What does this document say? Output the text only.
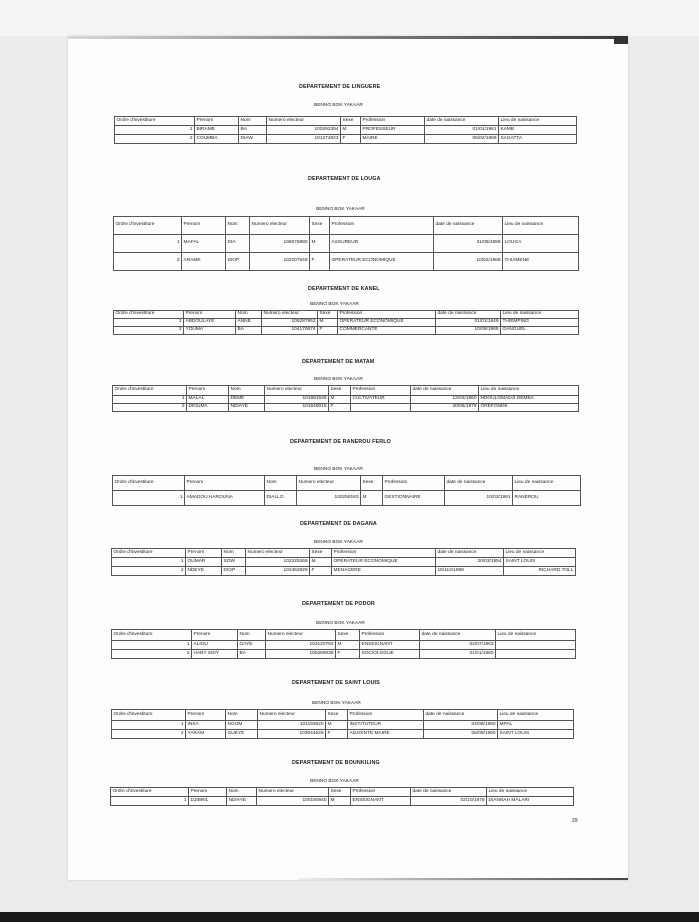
DEPARTEMENT DE LINGUERE
BENNO BOK YAKAAR
Ordre d'investiture	Prenom	Nom	Numero electeur	Sexe	Profession	date de naissance	Lieu de naissance
1	BIRAME	BA	100292394	M	PROFESSEUR	01/01/1981	KAMB
2	COUMBA	DIAW	101274823	F	MAIRE	05/02/1969	SAGATTA
DEPARTEMENT DE LOUGA
BENNO BOK YAKAAR
Ordre d'investiture	Prenom	Nom	Numero electeur	Sexe	Profession	date de naissance	Lieu de naissance
1	MAFAL	DIA	106576880	M	ASSUREUR	31/08/1958	LOUGA
2	ARAME	DIOP	102207549	F	OPERATEUR ECONOMIQUE	10/02/1968	THIAMENE
DEPARTEMENT DE KANEL
BENNO BOK YAKAAR
Ordre d'investiture	Prenom	Nom	Numero electeur	Sexe	Profession	date de naissance	Lieu de naissance
1	ABDOULAYE	ANNE	106287953	M	OPERATEUR ECONOMIQUE	01/01/1949	THIEMPING
2	YOUMA	BA	104170674	F	COMMERCANTE	10/08/1965	GANGUEL
DEPARTEMENT DE MATAM
BENNO BOK YAKAAR
Ordre d'investiture	Prenom	Nom	Numero electeur	Sexe	Profession	date de naissance	Lieu de naissance
1	MALAL	DEME	101681525	M	CULTIVATEUR	12/02/1960	NDOULOMADJI DEMBA
2	DIOUMA	NDIAYE	101649015	F		30/06/1979	OREFONDE
DEPARTEMENT DE RANEROU FERLO
BENNO BOK YAKAAR
Ordre d'investiture	Prenom	Nom	Numero electeur	Sexe	Profession	date de naissance	Lieu de naissance
1	AMADOU HAROUNA	DIALLO	100258183	M	GESTIONNAIRE	10/03/1991	RANEROU
DEPARTEMENT DE DAGANA
BENNO BOK YAKAAR
Ordre d'investiture	Prenom	Nom	Numero electeur	Sexe	Profession	date de naissance	Lieu de naissance
1	OUMAR	SOW	102225269	M	OPERATEUR ECONOMIQUE	20/03/1954	SAINT LOUIS
2	NDEYE	DIOP	102462829	F	MENAGERE	15/112/1968	RICHARD TOLL
DEPARTEMENT DE PODOR
BENNO BOK YAKAAR
Ordre d'investiture	Prenom	Nom	Numero electeur	Sexe	Profession	date de naissance	Lieu de naissance
1	ALIOU	GAYE	103120792	M	ENSEIGNANT	02/07/1963	
2	HABY SIDY	BA	105289038	F	SOCIOLOGUE	01/01/1980	
DEPARTEMENT DE SAINT LOUIS
BENNO BOK YAKAAR
Ordre d'investiture	Prenom	Nom	Numero electeur	Sexe	Profession	date de naissance	Lieu de naissance
1	INSA	NGOM	101193620	M	INSTITUTEUR	04/06/1980	MPAL
2	YARAM	GUEYE	103044526	F	ADJOINTE MAIRE	05/09/1960	SAINT LOUIS
DEPARTEMENT DE BOUNKILING
BENNO BOK YAKAAR
Ordre d'investiture	Prenom	Nom	Numero electeur	Sexe	Profession	date de naissance	Lieu de naissance
1	DJIBRIL	NDIAYE	100190940	M	ENSEIGNANT	02/10/1976	DIANNAH MALARI
29
